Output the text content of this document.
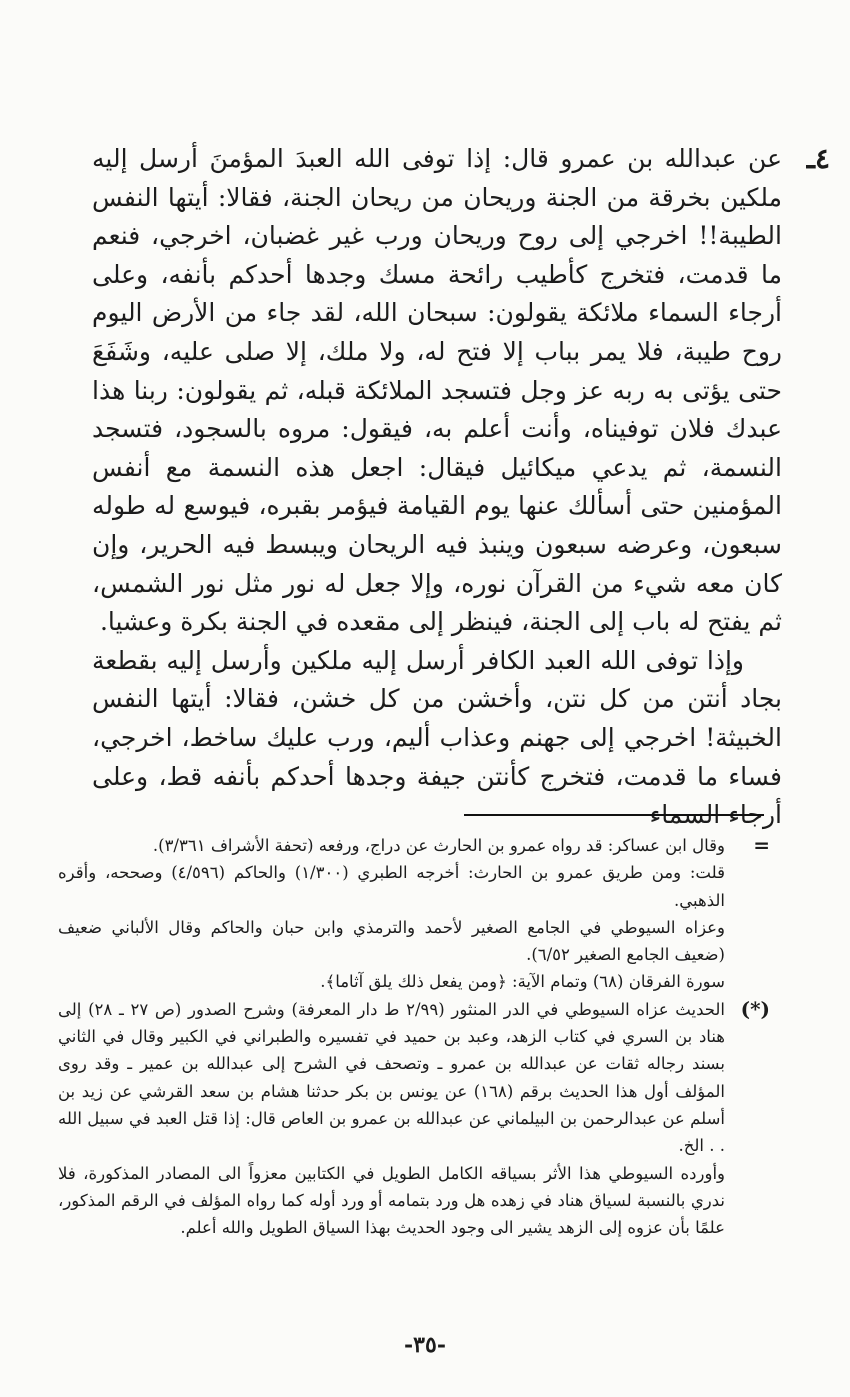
٤ـ

عن عبدالله بن عمرو قال: إذا توفى الله العبدَ المؤمنَ أرسل إليه ملكين بخرقة من الجنة وريحان من ريحان الجنة، فقالا: أيتها النفس الطيبة!! اخرجي إلى روح وريحان ورب غير غضبان، اخرجي، فنعم ما قدمت، فتخرج كأطيب رائحة مسك وجدها أحدكم بأنفه، وعلى أرجاء السماء ملائكة يقولون: سبحان الله، لقد جاء من الأرض اليوم روح طيبة، فلا يمر بباب إلا فتح له، ولا ملك، إلا صلى عليه، وشَفَعَ حتى يؤتى به ربه عز وجل فتسجد الملائكة قبله، ثم يقولون: ربنا هذا عبدك فلان توفيناه، وأنت أعلم به، فيقول: مروه بالسجود، فتسجد النسمة، ثم يدعي ميكائيل فيقال: اجعل هذه النسمة مع أنفس المؤمنين حتى أسألك عنها يوم القيامة فيؤمر بقبره، فيوسع له طوله سبعون، وعرضه سبعون وينبذ فيه الريحان ويبسط فيه الحرير، وإن كان معه شيء من القرآن نوره، وإلا جعل له نور مثل نور الشمس، ثم يفتح له باب إلى الجنة، فينظر إلى مقعده في الجنة بكرة وعشيا.

وإذا توفى الله العبد الكافر أرسل إليه ملكين وأرسل إليه بقطعة بجاد أنتن من كل نتن، وأخشن من كل خشن، فقالا: أيتها النفس الخبيثة! اخرجي إلى جهنم وعذاب أليم، ورب عليك ساخط، اخرجي، فساء ما قدمت، فتخرج كأنتن جيفة وجدها أحدكم بأنفه قط، وعلى أرجاء السماء

=

وقال ابن عساكر: قد رواه عمرو بن الحارث عن دراج، ورفعه (تحفة الأشراف ٣/٣٦١).

قلت: ومن طريق عمرو بن الحارث: أخرجه الطبري (١/٣٠٠) والحاكم (٤/٥٩٦) وصححه، وأقره الذهبي.

وعزاه السيوطي في الجامع الصغير لأحمد والترمذي وابن حبان والحاكم وقال الألباني ضعيف (ضعيف الجامع الصغير ٦/٥٢).

سورة الفرقان (٦٨) وتمام الآية: ﴿ومن يفعل ذلك يلق آثاما﴾.

(*)

الحديث عزاه السيوطي في الدر المنثور (٢/٩٩ ط دار المعرفة) وشرح الصدور (ص ٢٧ ـ ٢٨) إلى هناد بن السري في كتاب الزهد، وعبد بن حميد في تفسيره والطبراني في الكبير وقال في الثاني بسند رجاله ثقات عن عبدالله بن عمرو ـ وتصحف في الشرح إلى عبدالله بن عمير ـ وقد روى المؤلف أول هذا الحديث برقم (١٦٨) عن يونس بن بكر حدثنا هشام بن سعد القرشي عن زيد بن أسلم عن عبدالرحمن بن البيلماني عن عبدالله بن عمرو بن العاص قال: إذا قتل العبد في سبيل الله . . الخ.

وأورده السيوطي هذا الأثر بسياقه الكامل الطويل في الكتابين معزواً الى المصادر المذكورة، فلا ندري بالنسبة لسياق هناد في زهده هل ورد بتمامه أو ورد أوله كما رواه المؤلف في الرقم المذكور، علمًا بأن عزوه إلى الزهد يشير الى وجود الحديث بهذا السياق الطويل والله أعلم.

-٣٥-
